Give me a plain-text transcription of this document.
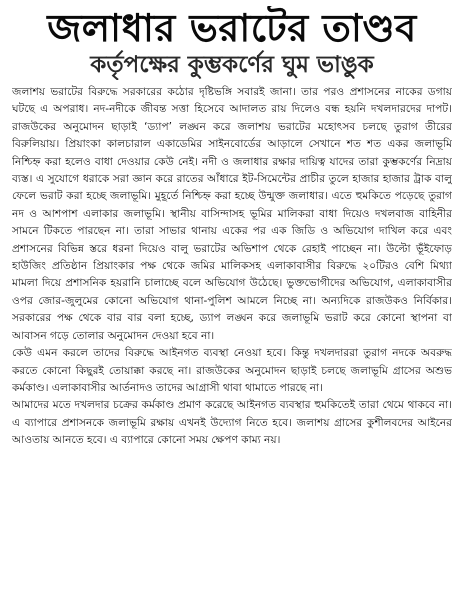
জলাধার ভরাটের তাণ্ডব
কর্তৃপক্ষের কুম্ভকর্ণের ঘুম ভাঙুক

জলাশয় ভরাটের বিরুদ্ধে সরকারের কঠোর দৃষ্টিভঙ্গি সবারই জানা। তার পরও প্রশাসনের নাকের ডগায় ঘটছে এ অপরাধ। নদ-নদীকে জীবন্ত সত্তা হিসেবে আদালত রায় দিলেও বন্ধ হয়নি দখলদারদের দাপট। রাজউকের অনুমোদন ছাড়াই ‘ড্যাপ’ লঙ্ঘন করে জলাশয় ভরাটের মহোৎসব চলছে তুরাগ তীরের বিরুলিয়ায়। প্রিয়াংকা কালচারাল একাডেমির সাইনবোর্ডের আড়ালে সেখানে শত শত একর জলাভূমি নিশ্চিহ্ন করা হলেও বাধা দেওয়ার কেউ নেই। নদী ও জলাধার রক্ষার দায়িত্ব যাদের তারা কুম্ভকর্ণের নিদ্রায় ব্যস্ত। এ সুযোগে ধরাকে সরা জ্ঞান করে রাতের আঁধারে ইট-সিমেন্টের প্রাচীর তুলে হাজার হাজার ট্রাক বালু ফেলে ভরাট করা হচ্ছে জলাভূমি। মুহূর্তে নিশ্চিহ্ন করা হচ্ছে উন্মুক্ত জলাধার। এতে হুমকিতে পড়েছে তুরাগ নদ ও আশপাশ এলাকার জলাভূমি। স্থানীয় বাসিন্দাসহ ভূমির মালিকরা বাধা দিয়েও দখলবাজ বাহিনীর সামনে টিকতে পারছেন না। তারা সাভার থানায় একের পর এক জিডি ও অভিযোগ দাখিল করে এবং প্রশাসনের বিভিন্ন স্তরে ধরনা দিয়েও বালু ভরাটের অভিশাপ থেকে রেহাই পাচ্ছেন না। উল্টো ভূঁইফোড় হাউজিং প্রতিষ্ঠান প্রিয়াংকার পক্ষ থেকে জমির মালিকসহ এলাকাবাসীর বিরুদ্ধে ২০টিরও বেশি মিথ্যা মামলা দিয়ে প্রশাসনিক হয়রানি চালাচ্ছে বলে অভিযোগ উঠেছে। ভুক্তভোগীদের অভিযোগ, এলাকাবাসীর ওপর জোর-জুলুমের কোনো অভিযোগ থানা-পুলিশ আমলে নিচ্ছে না। অন্যদিকে রাজউকও নির্বিকার। সরকারের পক্ষ থেকে বার বার বলা হচ্ছে, ড্যাপ লঙ্ঘন করে জলাভূমি ভরাট করে কোনো স্থাপনা বা আবাসন গড়ে তোলার অনুমোদন দেওয়া হবে না।

কেউ এমন করলে তাদের বিরুদ্ধে আইনগত ব্যবস্থা নেওয়া হবে। কিন্তু দখলদাররা তুরাগ নদকে অবরুদ্ধ করতে কোনো কিছুরই তোয়াক্কা করছে না। রাজউকের অনুমোদন ছাড়াই চলছে জলাভূমি গ্রাসের অশুভ কর্মকাণ্ড। এলাকাবাসীর আর্তনাদও তাদের আগ্রাসী থাবা থামাতে পারছে না।

আমাদের মতে দখলদার চক্রের কর্মকাণ্ড প্রমাণ করেছে আইনগত ব্যবস্থার হুমকিতেই তারা থেমে থাকবে না।এ ব্যাপারে প্রশাসনকে জলাভূমি রক্ষায় এখনই উদ্যোগ নিতে হবে। জলাশয় গ্রাসের কুশীলবদের আইনের আওতায় আনতে হবে। এ ব্যাপারে কোনো সময় ক্ষেপণ কাম্য নয়।
